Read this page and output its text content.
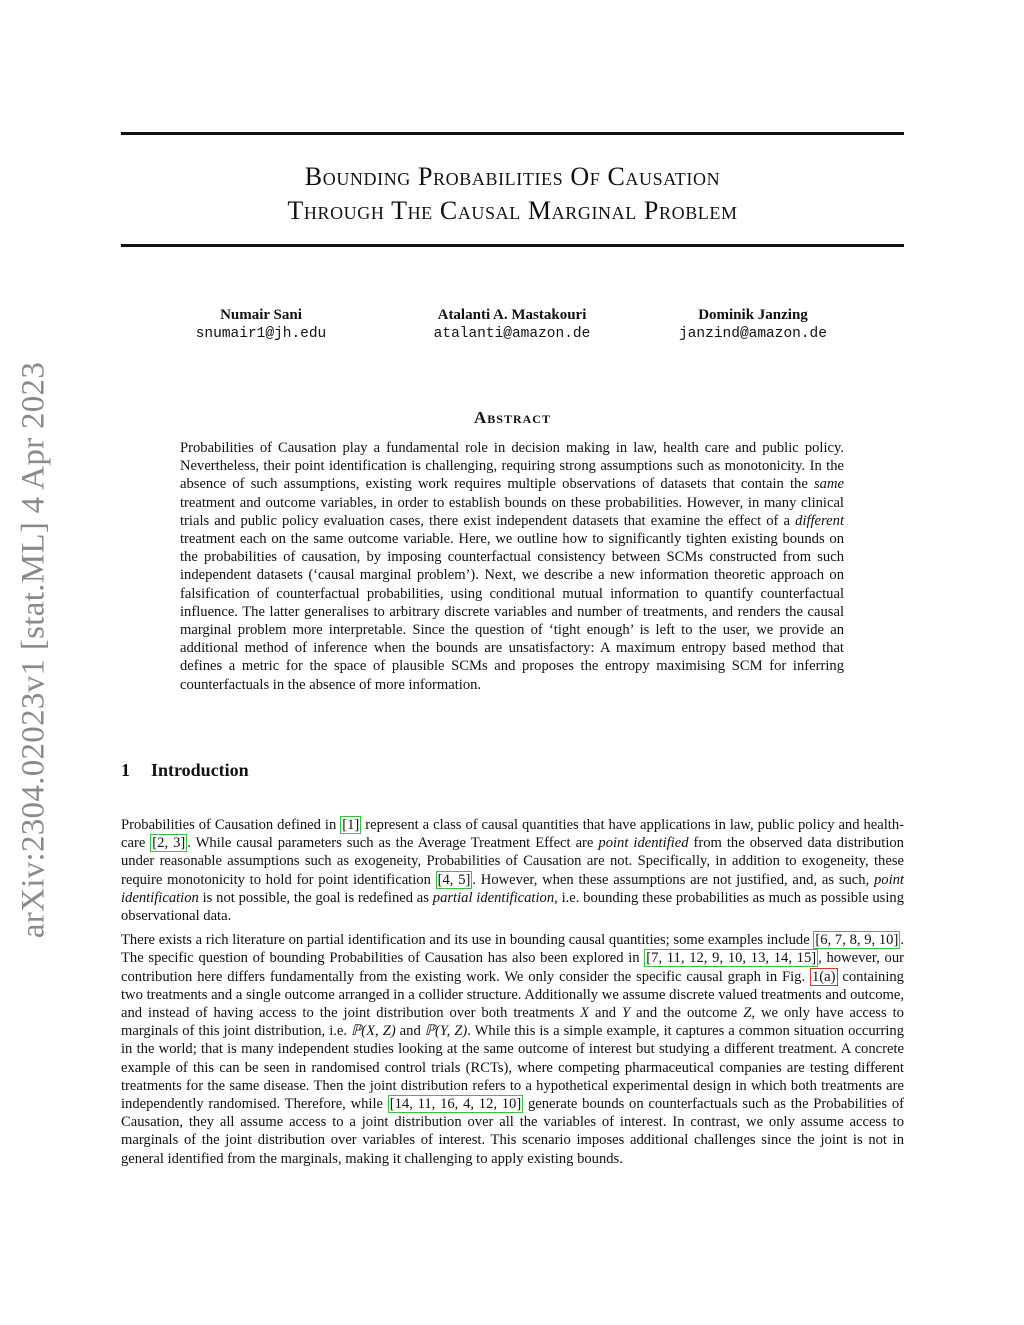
arXiv:2304.02023v1 [stat.ML] 4 Apr 2023
Bounding Probabilities Of Causation
Through The Causal Marginal Problem
Numair Sani
snumair1@jh.edu
Atalanti A. Mastakouri
atalanti@amazon.de
Dominik Janzing
janzind@amazon.de
Abstract

Probabilities of Causation play a fundamental role in decision making in law, health care and public policy. Nevertheless, their point identification is challenging, requiring strong assumptions such as monotonicity. In the absence of such assumptions, existing work requires multiple observations of datasets that contain the same treatment and outcome variables, in order to establish bounds on these probabilities. However, in many clinical trials and public policy evaluation cases, there exist independent datasets that examine the effect of a different treatment each on the same outcome variable. Here, we outline how to significantly tighten existing bounds on the probabilities of causation, by imposing counterfactual consistency between SCMs constructed from such independent datasets (‘causal marginal problem’). Next, we describe a new information theoretic approach on falsification of counterfactual probabilities, using conditional mutual information to quantify counterfactual influence. The latter generalises to arbitrary discrete variables and number of treatments, and renders the causal marginal problem more interpretable. Since the question of ‘tight enough’ is left to the user, we provide an additional method of inference when the bounds are unsatisfactory: A maximum entropy based method that defines a metric for the space of plausible SCMs and proposes the entropy maximising SCM for inferring counterfactuals in the absence of more information.

1 Introduction

Probabilities of Causation defined in [1] represent a class of causal quantities that have applications in law, public policy and health-care [2, 3] . While causal parameters such as the Average Treatment Effect are point identified from the observed data distribution under reasonable assumptions such as exogeneity, Probabilities of Causation are not. Specifically, in addition to exogeneity, these require monotonicity to hold for point identification [4, 5] . However, when these assumptions are not justified, and, as such, point identification is not possible, the goal is redefined as partial identification, i.e. bounding these probabilities as much as possible using observational data.

There exists a rich literature on partial identification and its use in bounding causal quantities; some examples include [6, 7, 8, 9, 10] . The specific question of bounding Probabilities of Causation has also been explored in [7, 11, 12, 9, 10, 13, 14, 15] , however, our contribution here differs fundamentally from the existing work. We only consider the specific causal graph in Fig. 1(a) containing two treatments and a single outcome arranged in a collider structure. Additionally we assume discrete valued treatments and outcome, and instead of having access to the joint distribution over both treatments X and Y and the outcome Z, we only have access to marginals of this joint distribution, i.e. ℙ(X, Z) and ℙ(Y, Z). While this is a simple example, it captures a common situation occurring in the world; that is many independent studies looking at the same outcome of interest but studying a different treatment. A concrete example of this can be seen in randomised control trials (RCTs), where competing pharmaceutical companies are testing different treatments for the same disease. Then the joint distribution refers to a hypothetical experimental design in which both treatments are independently randomised. Therefore, while [14, 11, 16, 4, 12, 10] generate bounds on counterfactuals such as the Probabilities of Causation, they all assume access to a joint distribution over all the variables of interest. In contrast, we only assume access to marginals of the joint distribution over variables of interest. This scenario imposes additional challenges since the joint is not in general identified from the marginals, making it challenging to apply existing bounds.
